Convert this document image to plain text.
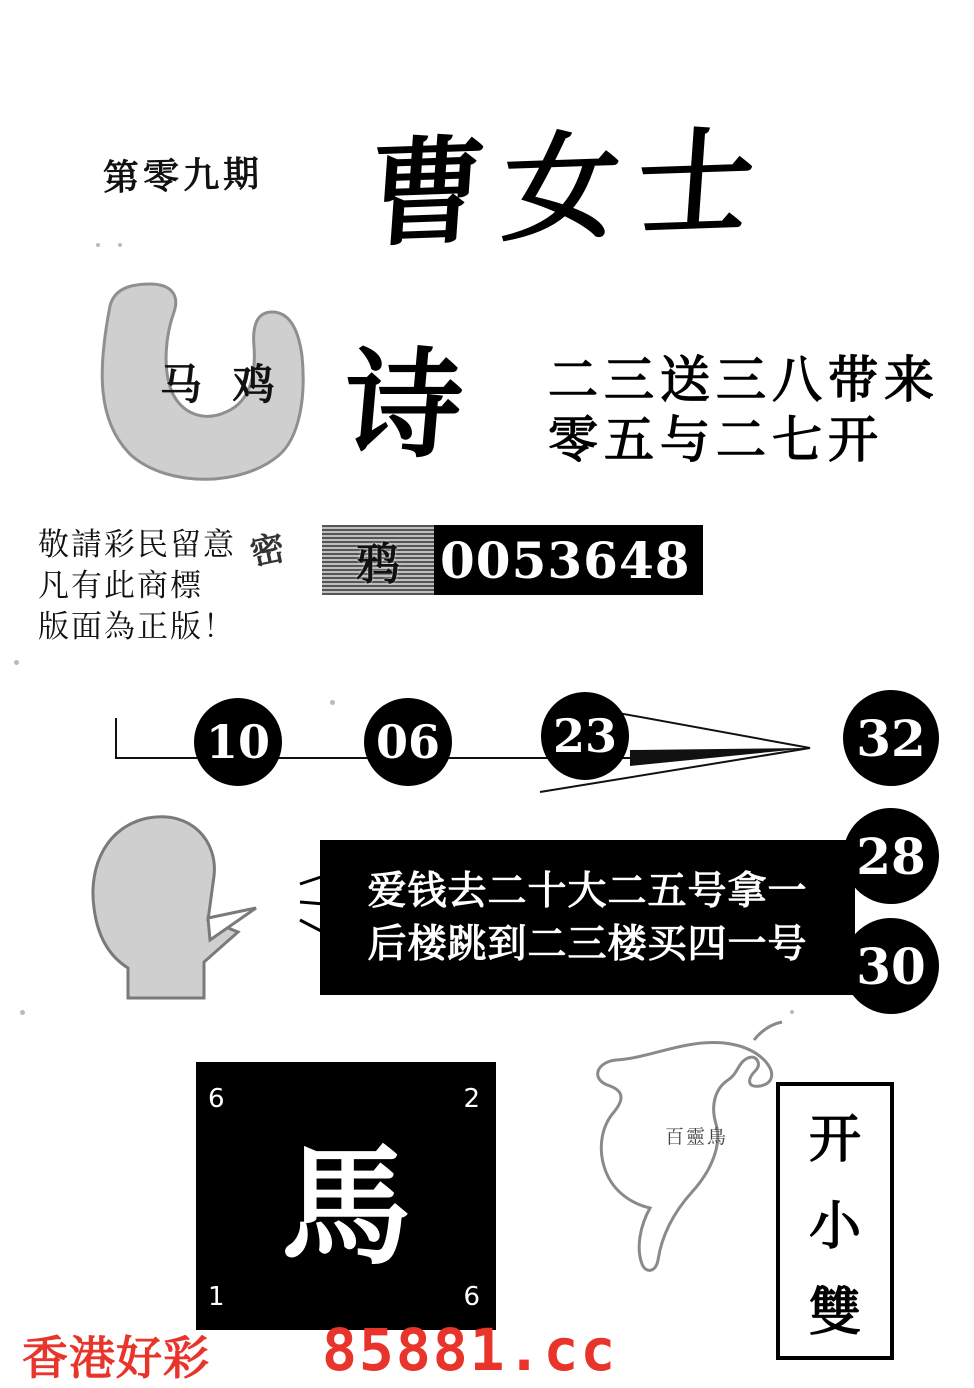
第零九期 曹女士
马 鸡 诗 二三送三八带来
零五与二七开
敬請彩民留意
凡有此商標
版面為正版！
密 鸦 0053648
10 06 23	32
28
30
爱钱去二十大二五号拿一
后楼跳到二三楼买四一号
馬
6	2
1	6
百靈鳥 开
小
雙
香港好彩 85881.cc
